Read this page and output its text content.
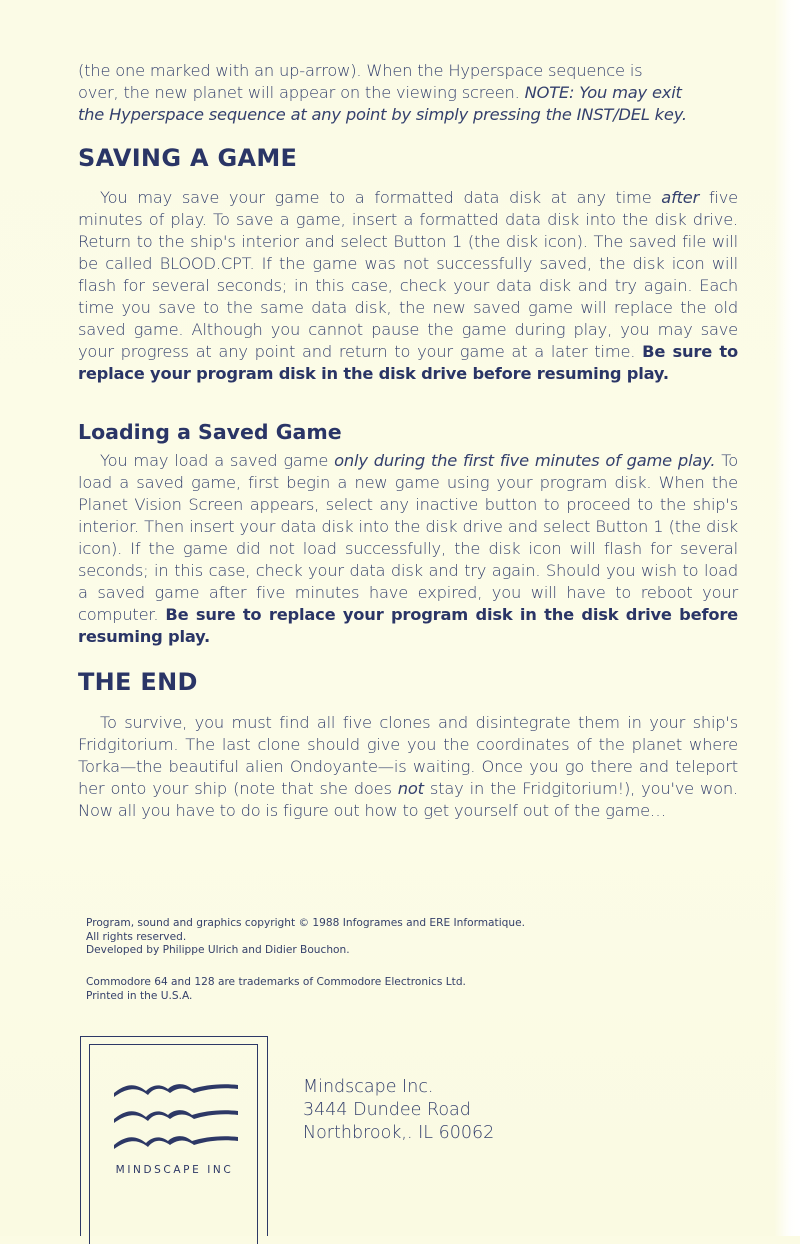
(the one marked with an up-arrow). When the Hyperspace sequence is

over, the new planet will appear on the viewing screen. NOTE: You may exit

the Hyperspace sequence at any point by simply pressing the INST/DEL key.

SAVING A GAME

You may save your game to a formatted data disk at any time after five minutes of play. To save a game, insert a formatted data disk into the disk drive. Return to the ship's interior and select Button 1 (the disk icon). The saved file will be called BLOOD.CPT. If the game was not successfully saved, the disk icon will flash for several seconds; in this case, check your data disk and try again. Each time you save to the same data disk, the new saved game will replace the old saved game. Although you cannot pause the game during play, you may save your progress at any point and return to your game at a later time. Be sure to replace your program disk in the disk drive before resuming play.

Loading a Saved Game

You may load a saved game only during the first five minutes of game play. To load a saved game, first begin a new game using your program disk. When the Planet Vision Screen appears, select any inactive button to proceed to the ship's interior. Then insert your data disk into the disk drive and select Button 1 (the disk icon). If the game did not load successfully, the disk icon will flash for several seconds; in this case, check your data disk and try again. Should you wish to load a saved game after five minutes have expired, you will have to reboot your computer. Be sure to replace your program disk in the disk drive before resuming play.

THE END

To survive, you must find all five clones and disintegrate them in your ship's Fridgitorium. The last clone should give you the coordinates of the planet where Torka—the beautiful alien Ondoyante—is waiting. Once you go there and teleport her onto your ship (note that she does not stay in the Fridgitorium!), you've won. Now all you have to do is figure out how to get yourself out of the game…

Program, sound and graphics copyright © 1988 Infogrames and ERE Informatique.

All rights reserved.

Developed by Philippe Ulrich and Didier Bouchon.

Commodore 64 and 128 are trademarks of Commodore Electronics Ltd.

Printed in the U.S.A.

MINDSCAPE INC

Mindscape Inc.

3444 Dundee Road

Northbrook,. IL 60062
